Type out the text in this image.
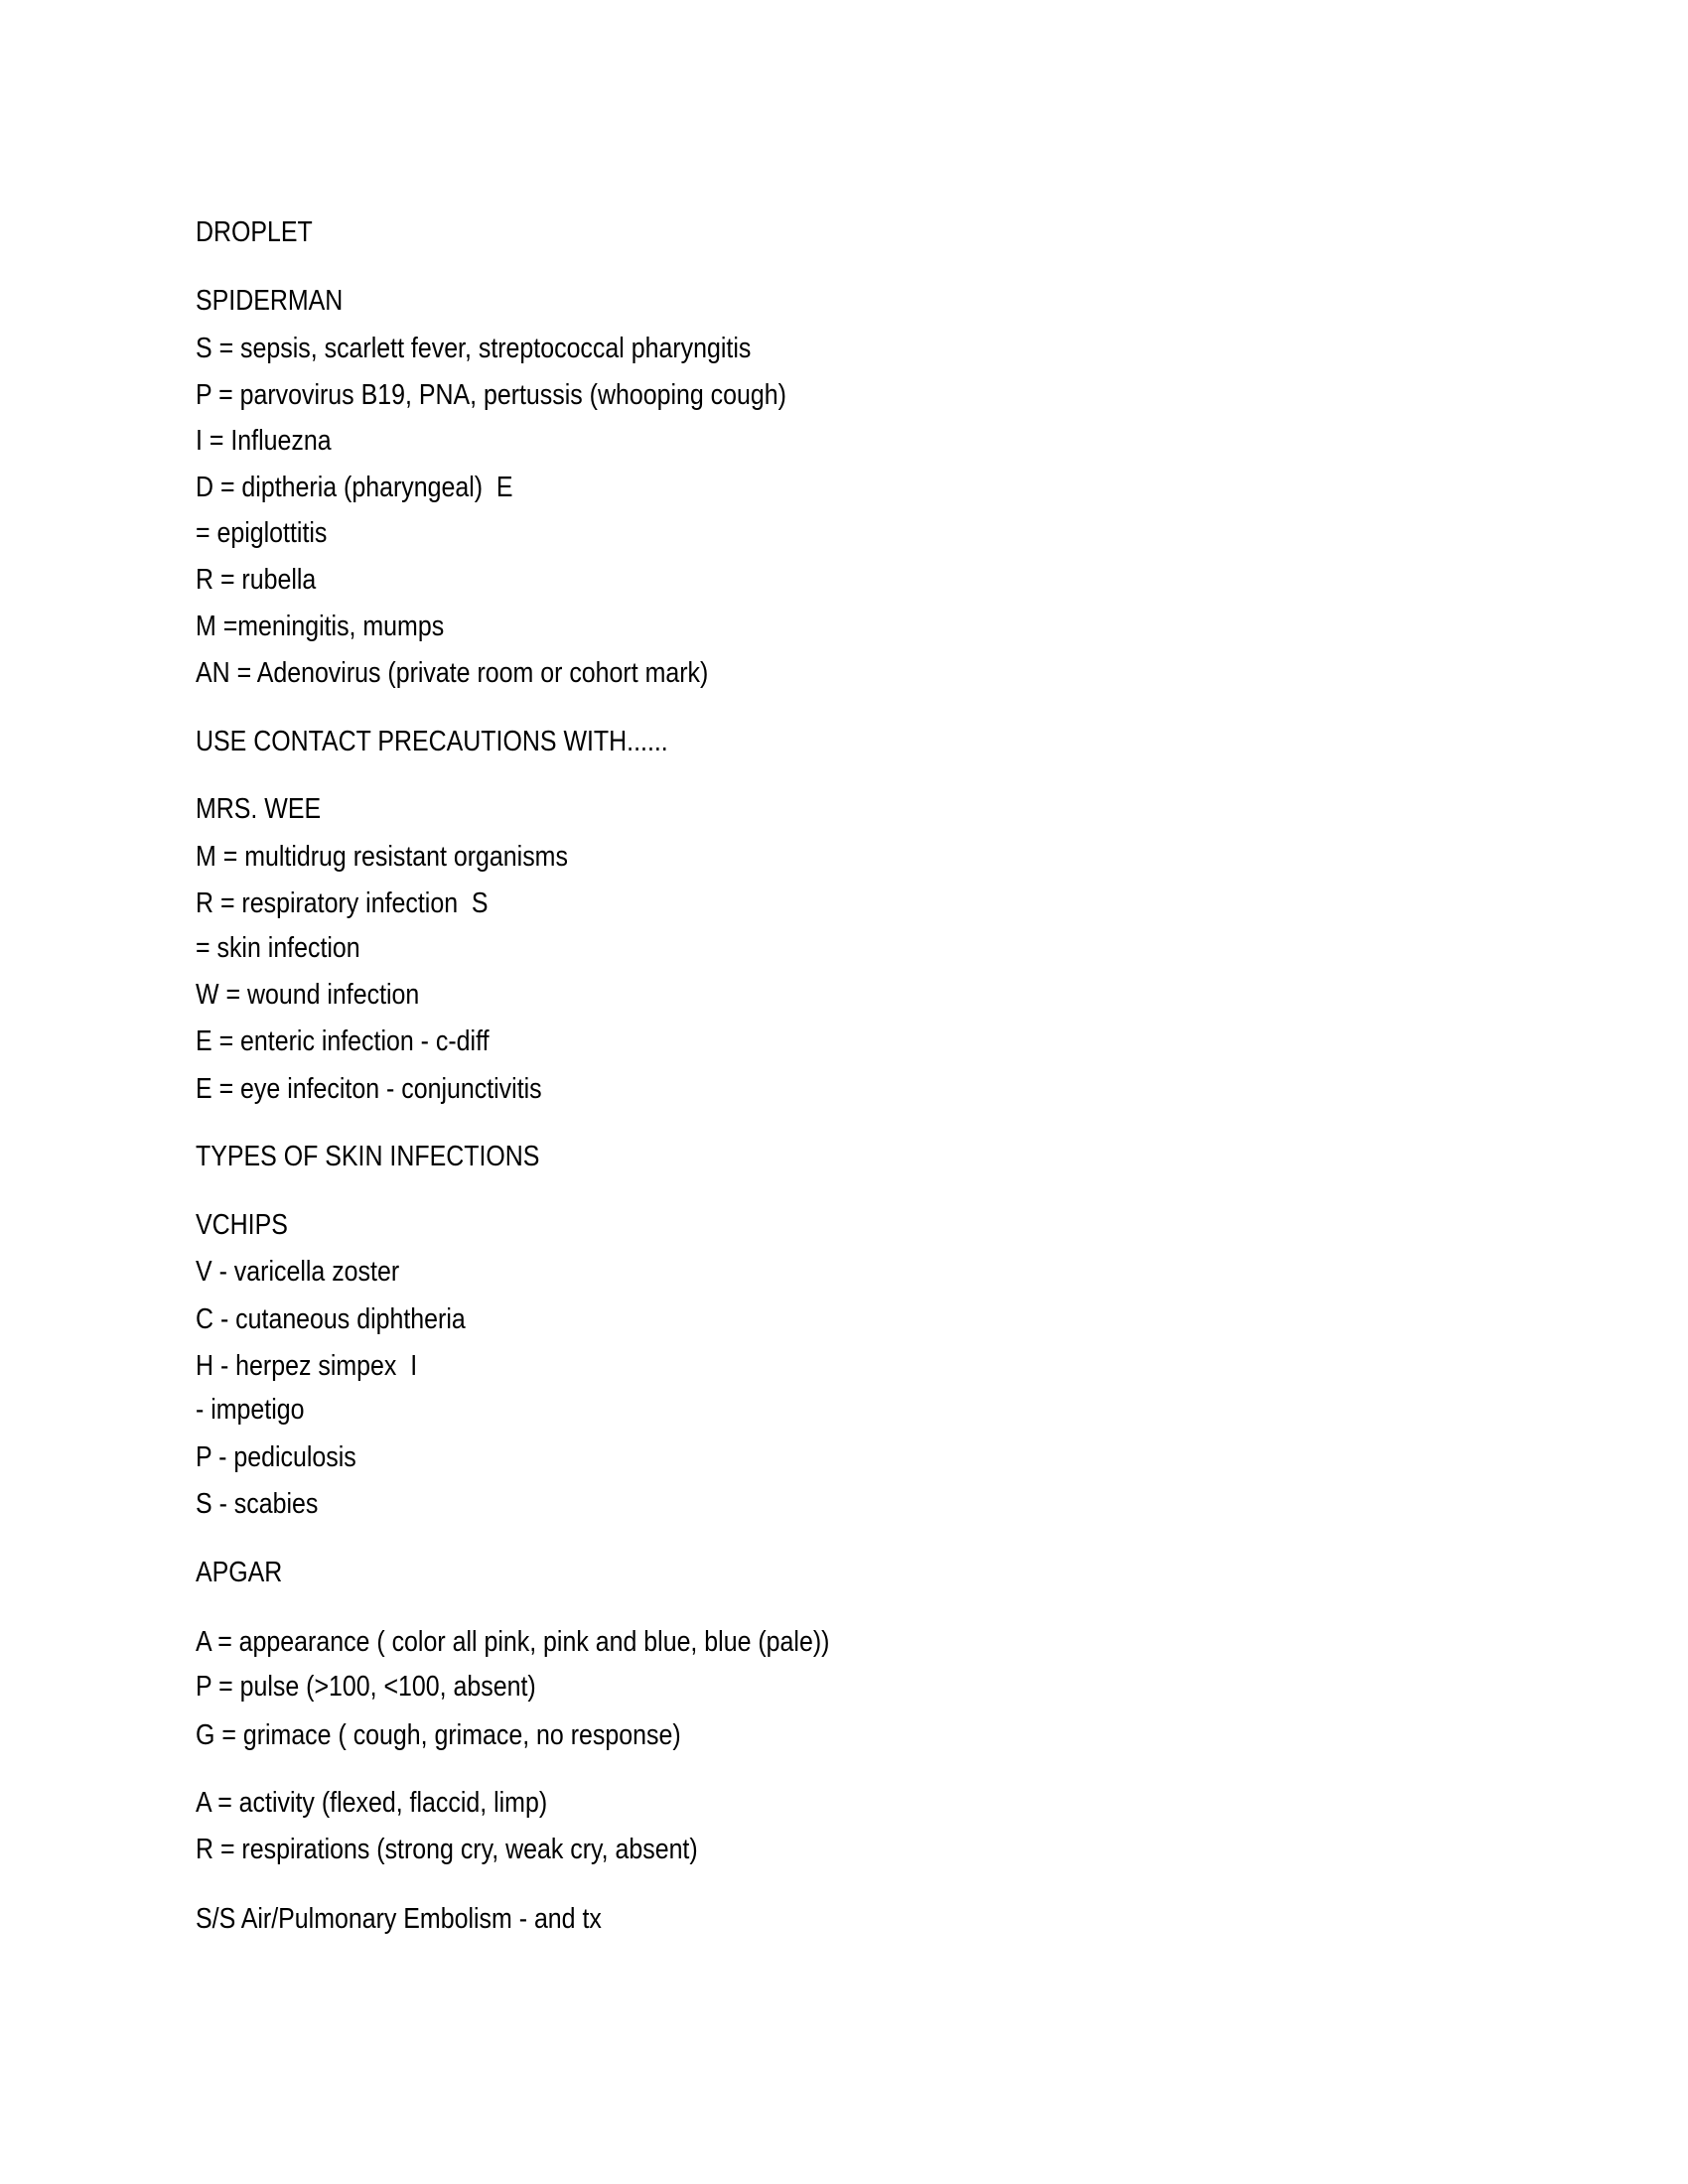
DROPLET
SPIDERMAN
S = sepsis, scarlett fever, streptococcal pharyngitis
P = parvovirus B19, PNA, pertussis (whooping cough)
I = Influezna
D = diptheria (pharyngeal)  E
= epiglottitis
R = rubella
M =meningitis, mumps
AN = Adenovirus (private room or cohort mark)
USE CONTACT PRECAUTIONS WITH......
MRS. WEE
M = multidrug resistant organisms
R = respiratory infection  S
= skin infection
W = wound infection
E = enteric infection - c-diff
E = eye infeciton - conjunctivitis
TYPES OF SKIN INFECTIONS
VCHIPS
V - varicella zoster
C - cutaneous diphtheria
H - herpez simpex  I
- impetigo
P - pediculosis
S - scabies
APGAR
A = appearance ( color all pink, pink and blue, blue (pale))
P = pulse (>100, <100, absent)
G = grimace ( cough, grimace, no response)
A = activity (flexed, flaccid, limp)
R = respirations (strong cry, weak cry, absent)
S/S Air/Pulmonary Embolism - and tx
